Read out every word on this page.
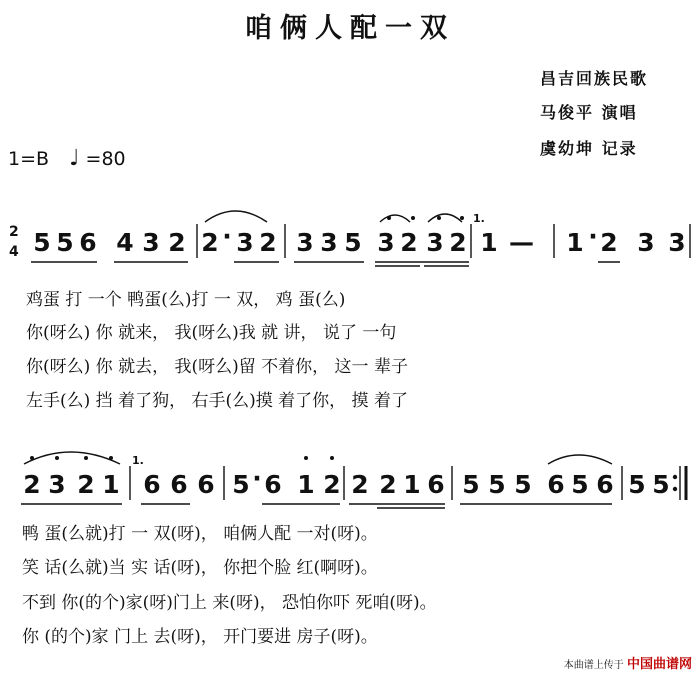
咱俩人配一双
昌吉回族民歌
马俊平 演唱
虞幼坤 记录
1=B ♩ =80
2
4 5 5 6 4 3 2 2 · 3 2 3 3 5 3 2 3 2 1 — 1 · 2 3 3
鸡蛋 打 一个 鸭蛋(么)打 一 双， 鸡 蛋(么)
你(呀么) 你 就来， 我(呀么)我 就 讲， 说了 一句
你(呀么) 你 就去， 我(呀么)留 不着你， 这一 辈子
左手(么) 挡 着了狗， 右手(么)摸 着了你， 摸 着了
2 3 2 1 6 6 6 5 · 6 1 2 2 2 1 6 5 5 5 6 5 6 5 5
鸭 蛋(么就)打 一 双(呀)， 咱俩人配 一对(呀)。
笑 话(么就)当 实 话(呀)， 你把个脸 红(啊呀)。
不到 你(的个)家(呀)门上 来(呀)， 恐怕你吓 死咱(呀)。
你 (的个)家 门上 去(呀)， 开门要进 房子(呀)。
本曲谱上传于 中国曲谱网
1.
1.
